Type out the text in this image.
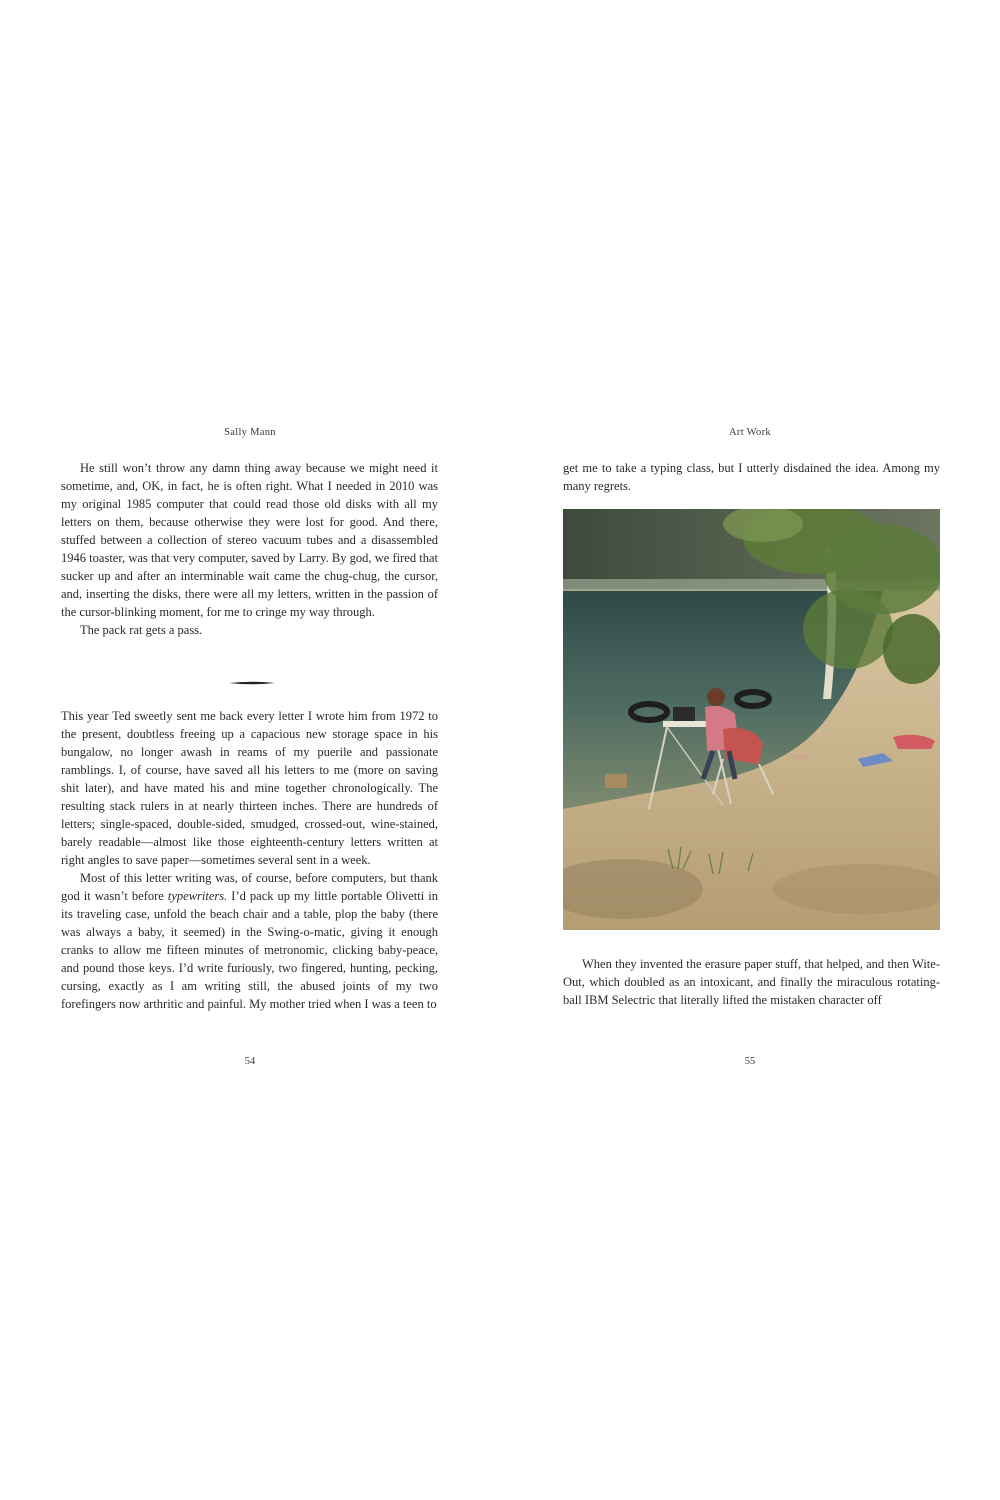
Sally Mann

He still won’t throw any damn thing away because we might need it sometime, and, OK, in fact, he is often right. What I needed in 2010 was my original 1985 computer that could read those old disks with all my letters on them, because otherwise they were lost for good. And there, stuffed between a collection of stereo vacuum tubes and a disassembled 1946 toaster, was that very computer, saved by Larry. By god, we fired that sucker up and after an interminable wait came the chug-chug, the cursor, and, inserting the disks, there were all my letters, written in the passion of the cursor-blinking moment, for me to cringe my way through.

The pack rat gets a pass.

This year Ted sweetly sent me back every letter I wrote him from 1972 to the present, doubtless freeing up a capacious new storage space in his bungalow, no longer awash in reams of my puerile and passionate ramblings. I, of course, have saved all his letters to me (more on saving shit later), and have mated his and mine together chronologically. The resulting stack rulers in at nearly thirteen inches. There are hundreds of letters; single-spaced, double-sided, smudged, crossed-out, wine-stained, barely readable—almost like those eighteenth-century letters written at right angles to save paper—sometimes several sent in a week.

Most of this letter writing was, of course, before computers, but thank god it wasn’t before typewriters. I’d pack up my little portable Olivetti in its traveling case, unfold the beach chair and a table, plop the baby (there was always a baby, it seemed) in the Swing-o-matic, giving it enough cranks to allow me fifteen minutes of metronomic, clicking baby-peace, and pound those keys. I’d write furiously, two fingered, hunting, pecking, cursing, exactly as I am writing still, the abused joints of my two forefingers now arthritic and painful. My mother tried when I was a teen to

54
Art Work
55

get me to take a typing class, but I utterly disdained the idea. Among my many regrets.

When they invented the erasure paper stuff, that helped, and then Wite-Out, which doubled as an intoxicant, and finally the miraculous rotating-ball IBM Selectric that literally lifted the mistaken character off
